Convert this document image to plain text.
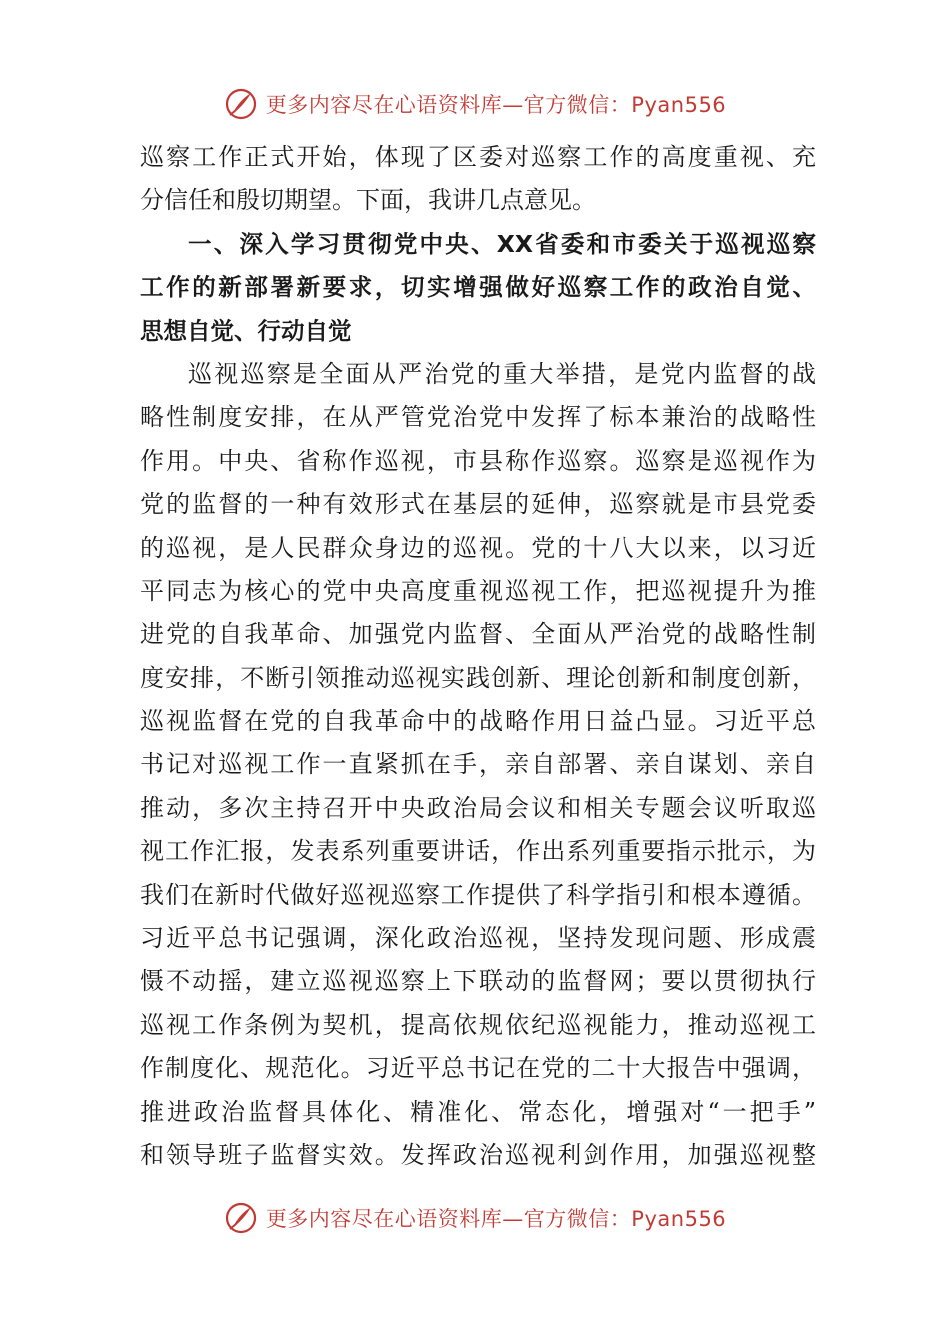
更多内容尽在心语资料库—官方微信：Pyan556
巡察工作正式开始，体现了区委对巡察工作的高度重视、充
分信任和殷切期望。下面，我讲几点意见。
一、深入学习贯彻党中央、XX省委和市委关于巡视巡察
工作的新部署新要求，切实增强做好巡察工作的政治自觉、
思想自觉、行动自觉
巡视巡察是全面从严治党的重大举措，是党内监督的战
略性制度安排，在从严管党治党中发挥了标本兼治的战略性
作用。中央、省称作巡视，市县称作巡察。巡察是巡视作为
党的监督的一种有效形式在基层的延伸，巡察就是市县党委
的巡视，是人民群众身边的巡视。党的十八大以来，以习近
平同志为核心的党中央高度重视巡视工作，把巡视提升为推
进党的自我革命、加强党内监督、全面从严治党的战略性制
度安排，不断引领推动巡视实践创新、理论创新和制度创新，
巡视监督在党的自我革命中的战略作用日益凸显。习近平总
书记对巡视工作一直紧抓在手，亲自部署、亲自谋划、亲自
推动，多次主持召开中央政治局会议和相关专题会议听取巡
视工作汇报，发表系列重要讲话，作出系列重要指示批示，为
我们在新时代做好巡视巡察工作提供了科学指引和根本遵循。
习近平总书记强调，深化政治巡视，坚持发现问题、形成震
慑不动摇，建立巡视巡察上下联动的监督网；要以贯彻执行
巡视工作条例为契机，提高依规依纪巡视能力，推动巡视工
作制度化、规范化。习近平总书记在党的二十大报告中强调，
推进政治监督具体化、精准化、常态化，增强对“一把手”
和领导班子监督实效。发挥政治巡视利剑作用，加强巡视整
更多内容尽在心语资料库—官方微信：Pyan556
